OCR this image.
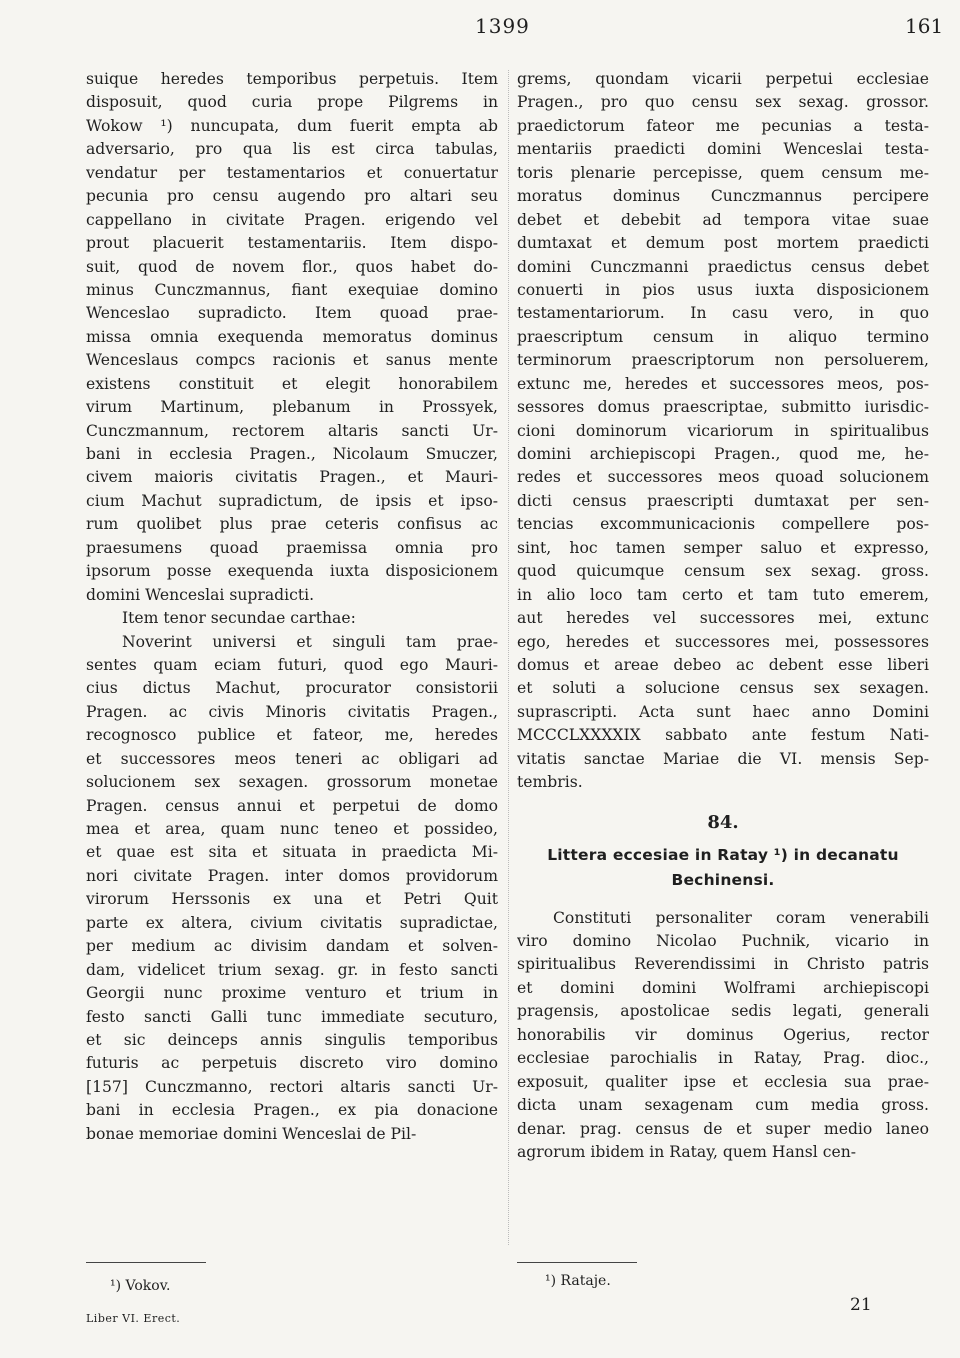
1399	161
suique heredes temporibus perpetuis. Item
disposuit, quod curia prope Pilgrems in
Wokow ¹) nuncupata, dum fuerit empta ab
adversario, pro qua lis est circa tabulas,
vendatur per testamentarios et conuertatur
pecunia pro censu augendo pro altari seu
cappellano in civitate Pragen. erigendo vel
prout placuerit testamentariis. Item dispo-
suit, quod de novem flor., quos habet do-
minus Cunczmannus, fiant exequiae domino
Wenceslao supradicto. Item quoad prae-
missa omnia exequenda memoratus dominus
Wenceslaus compcs racionis et sanus mente
existens constituit et elegit honorabilem
virum Martinum, plebanum in Prossyek,
Cunczmannum, rectorem altaris sancti Ur-
bani in ecclesia Pragen., Nicolaum Smuczer,
civem maioris civitatis Pragen., et Mauri-
cium Machut supradictum, de ipsis et ipso-
rum quolibet plus prae ceteris confisus ac
praesumens quoad praemissa omnia pro
ipsorum posse exequenda iuxta disposicionem
domini Wenceslai supradicti.
Item tenor secundae carthae:
Noverint universi et singuli tam prae-
sentes quam eciam futuri, quod ego Mauri-
cius dictus Machut, procurator consistorii
Pragen. ac civis Minoris civitatis Pragen.,
recognosco publice et fateor, me, heredes
et successores meos teneri ac obligari ad
solucionem sex sexagen. grossorum monetae
Pragen. census annui et perpetui de domo
mea et area, quam nunc teneo et possideo,
et quae est sita et situata in praedicta Mi-
nori civitate Pragen. inter domos providorum
virorum Herssonis ex una et Petri Quit
parte ex altera, civium civitatis supradictae,
per medium ac divisim dandam et solven-
dam, videlicet trium sexag. gr. in festo sancti
Georgii nunc proxime venturo et trium in
festo sancti Galli tunc immediate secuturo,
et sic deinceps annis singulis temporibus
futuris ac perpetuis discreto viro domino
[157] Cunczmanno, rectori altaris sancti Ur-
bani in ecclesia Pragen., ex pia donacione
bonae memoriae domini Wenceslai de Pil-
grems, quondam vicarii perpetui ecclesiae
Pragen., pro quo censu sex sexag. grossor.
praedictorum fateor me pecunias a testa-
mentariis praedicti domini Wenceslai testa-
toris plenarie percepisse, quem censum me-
moratus dominus Cunczmannus percipere
debet et debebit ad tempora vitae suae
dumtaxat et demum post mortem praedicti
domini Cunczmanni praedictus census debet
conuerti in pios usus iuxta disposicionem
testamentariorum. In casu vero, in quo
praescriptum censum in aliquo termino
terminorum praescriptorum non persoluerem,
extunc me, heredes et successores meos, pos-
sessores domus praescriptae, submitto iurisdic-
cioni dominorum vicariorum in spiritualibus
domini archiepiscopi Pragen., quod me, he-
redes et successores meos quoad solucionem
dicti census praescripti dumtaxat per sen-
tencias excommunicacionis compellere pos-
sint, hoc tamen semper saluo et expresso,
quod quicumque censum sex sexag. gross.
in alio loco tam certo et tam tuto emerem,
aut heredes vel successores mei, extunc
ego, heredes et successores mei, possessores
domus et areae debeo ac debent esse liberi
et soluti a solucione census sex sexagen.
suprascripti. Acta sunt haec anno Domini
MCCCLXXXXIX sabbato ante festum Nati-
vitatis sanctae Mariae die VI. mensis Sep-
tembris.
84.
Littera eccesiae in Ratay ¹) in decanatu
Bechinensi.
Constituti personaliter coram venerabili
viro domino Nicolao Puchnik, vicario in
spiritualibus Reverendissimi in Christo patris
et domini domini Wolframi archiepiscopi
pragensis, apostolicae sedis legati, generali
honorabilis vir dominus Ogerius, rector
ecclesiae parochialis in Ratay, Prag. dioc.,
exposuit, qualiter ipse et ecclesia sua prae-
dicta unam sexagenam cum media gross.
denar. prag. census de et super medio laneo
agrorum ibidem in Ratay, quem Hansl cen-
¹) Vokov.	¹) Rataje.
Liber VI. Erect.
21
